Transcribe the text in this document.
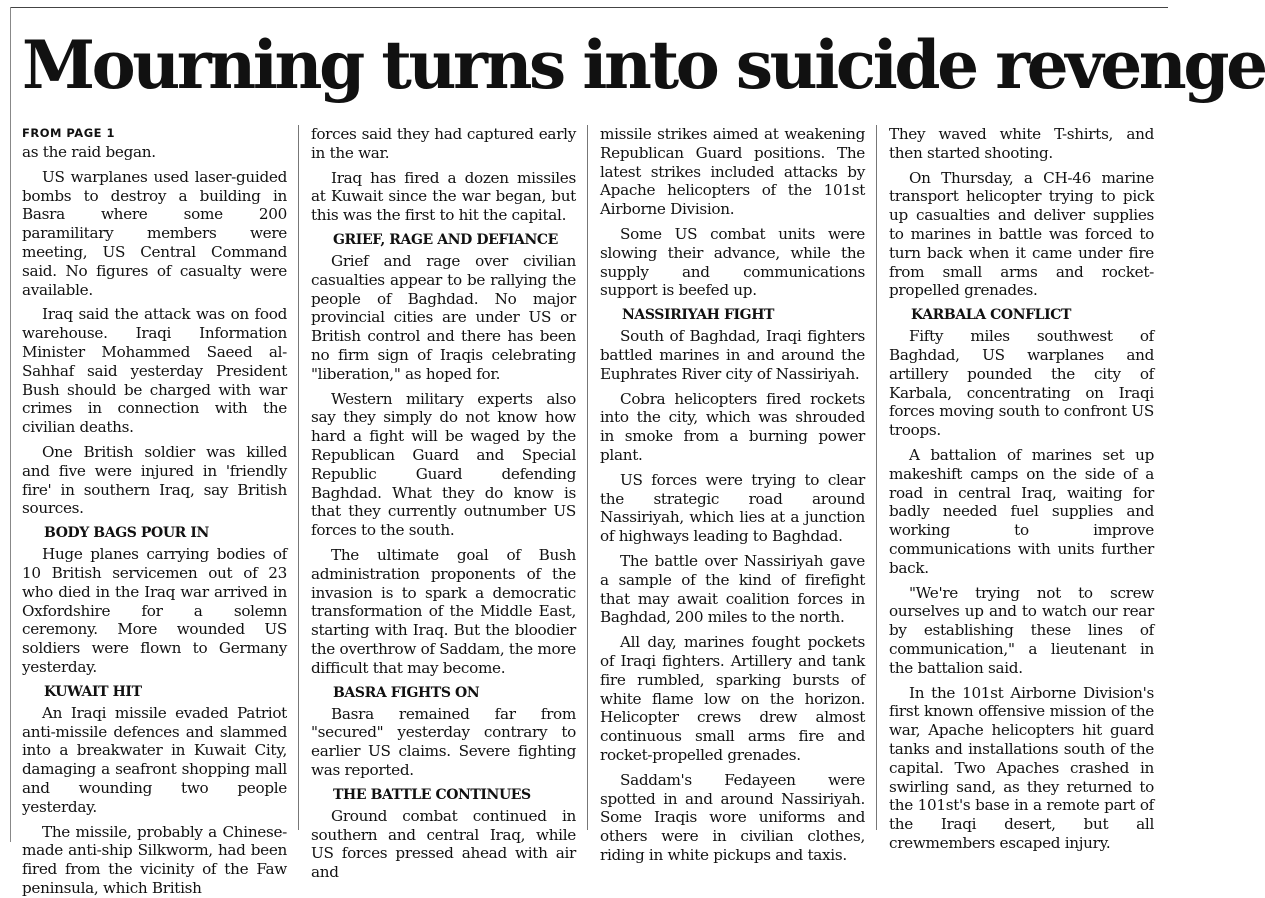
Mourning turns into suicide revenge
FROM PAGE 1

as the raid began.

US warplanes used laser-guided bombs to destroy a building in Basra where some 200 paramilitary members were meeting, US Central Command said. No figures of casualty were available.

Iraq said the attack was on food warehouse. Iraqi Information Minister Mohammed Saeed al-Sahhaf said yesterday President Bush should be charged with war crimes in connection with the civilian deaths.

One British soldier was killed and five were injured in 'friendly fire' in southern Iraq, say British sources.

BODY BAGS POUR IN

Huge planes carrying bodies of 10 British servicemen out of 23 who died in the Iraq war arrived in Oxfordshire for a solemn ceremony. More wounded US soldiers were flown to Germany yesterday.

KUWAIT HIT

An Iraqi missile evaded Patriot anti-missile defences and slammed into a breakwater in Kuwait City, damaging a seafront shopping mall and wounding two people yesterday.

The missile, probably a Chinese-made anti-ship Silkworm, had been fired from the vicinity of the Faw peninsula, which British

forces said they had captured early in the war.

Iraq has fired a dozen missiles at Kuwait since the war began, but this was the first to hit the capital.

GRIEF, RAGE AND DEFIANCE

Grief and rage over civilian casualties appear to be rallying the people of Baghdad. No major provincial cities are under US or British control and there has been no firm sign of Iraqis celebrating "liberation," as hoped for.

Western military experts also say they simply do not know how hard a fight will be waged by the Republican Guard and Special Republic Guard defending Baghdad. What they do know is that they currently outnumber US forces to the south.

The ultimate goal of Bush administration proponents of the invasion is to spark a democratic transformation of the Middle East, starting with Iraq. But the bloodier the overthrow of Saddam, the more difficult that may become.

BASRA FIGHTS ON

Basra remained far from "secured" yesterday contrary to earlier US claims. Severe fighting was reported.

THE BATTLE CONTINUES

Ground combat continued in southern and central Iraq, while US forces pressed ahead with air and

missile strikes aimed at weakening Republican Guard positions. The latest strikes included attacks by Apache helicopters of the 101st Airborne Division.

Some US combat units were slowing their advance, while the supply and communications support is beefed up.

NASSIRIYAH FIGHT

South of Baghdad, Iraqi fighters battled marines in and around the Euphrates River city of Nassiriyah.

Cobra helicopters fired rockets into the city, which was shrouded in smoke from a burning power plant.

US forces were trying to clear the strategic road around Nassiriyah, which lies at a junction of highways leading to Baghdad.

The battle over Nassiriyah gave a sample of the kind of firefight that may await coalition forces in Baghdad, 200 miles to the north.

All day, marines fought pockets of Iraqi fighters. Artillery and tank fire rumbled, sparking bursts of white flame low on the horizon. Helicopter crews drew almost continuous small arms fire and rocket-propelled grenades.

Saddam's Fedayeen were spotted in and around Nassiriyah. Some Iraqis wore uniforms and others were in civilian clothes, riding in white pickups and taxis.

They waved white T-shirts, and then started shooting.

On Thursday, a CH-46 marine transport helicopter trying to pick up casualties and deliver supplies to marines in battle was forced to turn back when it came under fire from small arms and rocket-propelled grenades.

KARBALA CONFLICT

Fifty miles southwest of Baghdad, US warplanes and artillery pounded the city of Karbala, concentrating on Iraqi forces moving south to confront US troops.

A battalion of marines set up makeshift camps on the side of a road in central Iraq, waiting for badly needed fuel supplies and working to improve communications with units further back.

"We're trying not to screw ourselves up and to watch our rear by establishing these lines of communication," a lieutenant in the battalion said.

In the 101st Airborne Division's first known offensive mission of the war, Apache helicopters hit guard tanks and installations south of the capital. Two Apaches crashed in swirling sand, as they returned to the 101st's base in a remote part of the Iraqi desert, but all crewmembers escaped injury.
